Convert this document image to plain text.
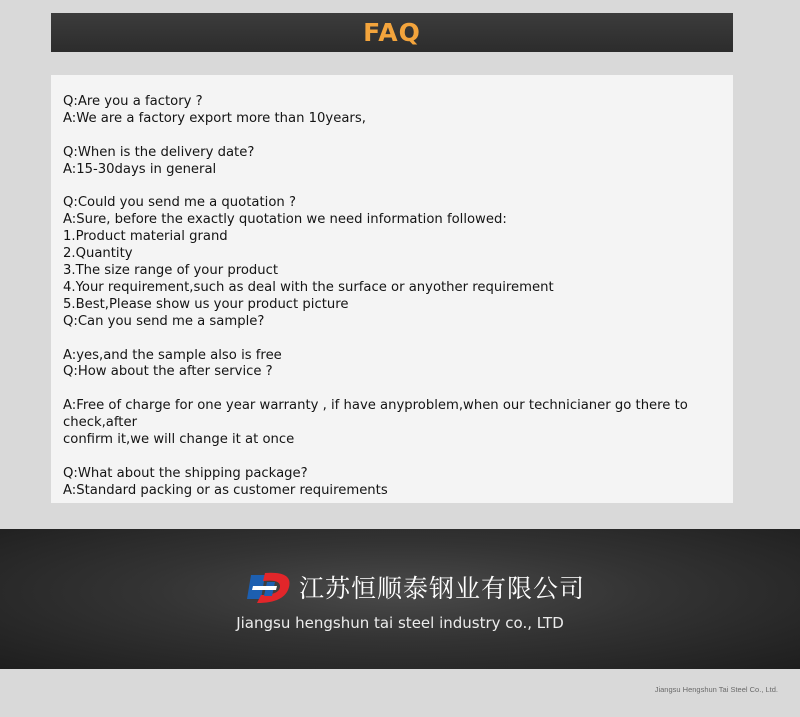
FAQ
Q:Are you a factory ?
A:We are a factory export more than 10years,
Q:When is the delivery date?
A:15-30days in general
Q:Could you send me a quotation ?
A:Sure, before the exactly quotation we need information followed:
1.Product material grand
2.Quantity
3.The size range of your product
4.Your requirement,such as deal with the surface or anyother requirement
5.Best,Please show us your product picture
Q:Can you send me a sample?
A:yes,and the sample also is free
Q:How about the after service ?
A:Free of charge for one year warranty , if have anyproblem,when our technicianer go there to check,after
confirm it,we will change it at once
Q:What about the shipping package?
A:Standard packing or as customer requirements
江苏恒顺泰钢业有限公司
Jiangsu hengshun tai steel industry co., LTD
Jiangsu Hengshun Tai Steel Co., Ltd.
